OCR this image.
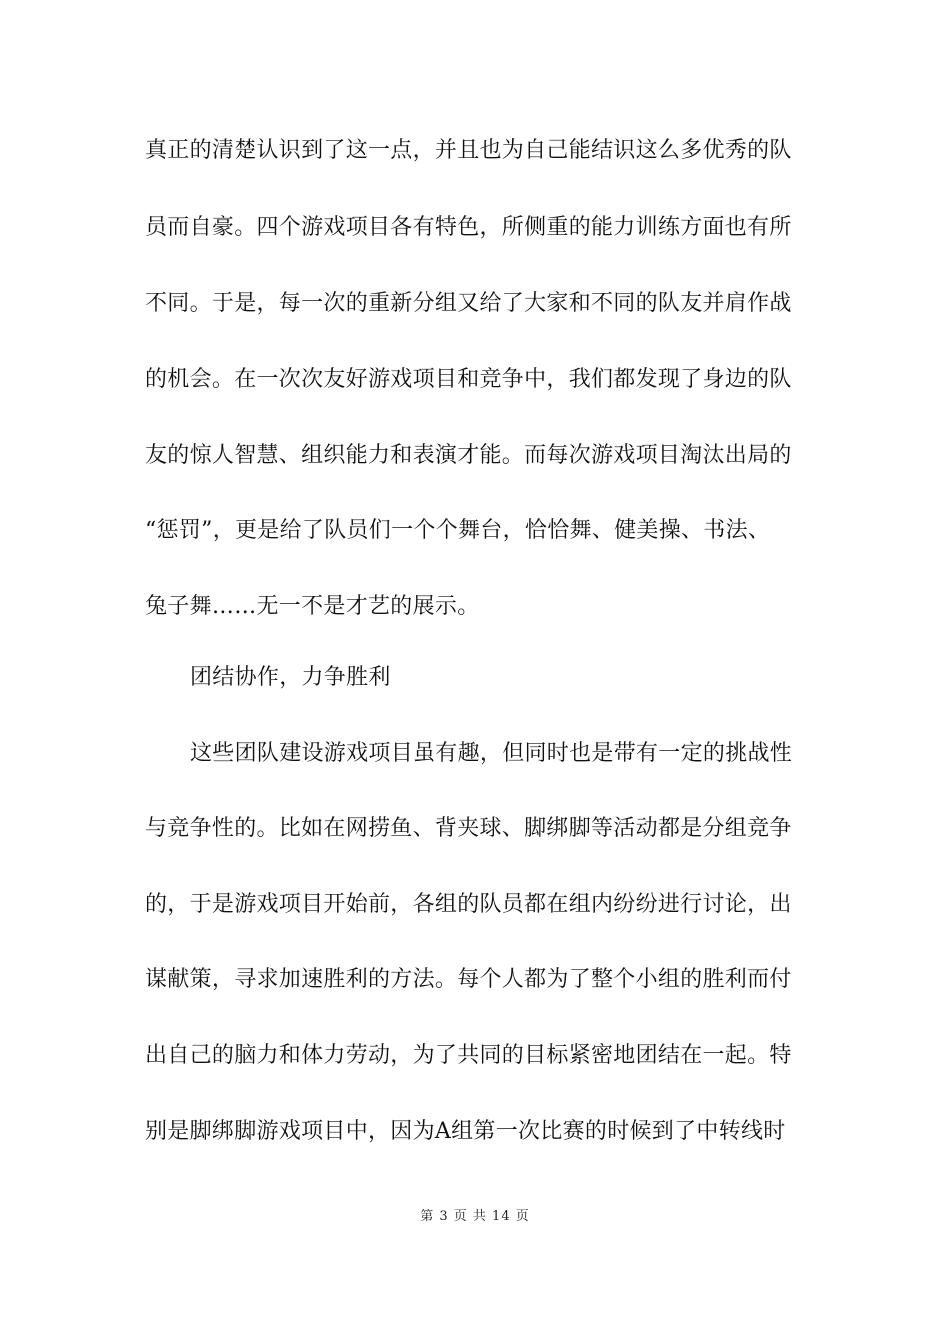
真正的清楚认识到了这一点，并且也为自己能结识这么多优秀的队
员而自豪。四个游戏项目各有特色，所侧重的能力训练方面也有所
不同。于是，每一次的重新分组又给了大家和不同的队友并肩作战
的机会。在一次次友好游戏项目和竞争中，我们都发现了身边的队
友的惊人智慧、组织能力和表演才能。而每次游戏项目淘汰出局的
“惩罚”，更是给了队员们一个个舞台，恰恰舞、健美操、书法、
兔子舞……无一不是才艺的展示。
团结协作，力争胜利
这些团队建设游戏项目虽有趣，但同时也是带有一定的挑战性
与竞争性的。比如在网捞鱼、背夹球、脚绑脚等活动都是分组竞争
的，于是游戏项目开始前，各组的队员都在组内纷纷进行讨论，出
谋献策，寻求加速胜利的方法。每个人都为了整个小组的胜利而付
出自己的脑力和体力劳动，为了共同的目标紧密地团结在一起。特
别是脚绑脚游戏项目中，因为A组第一次比赛的时候到了中转线时
第 3 页 共 14 页
